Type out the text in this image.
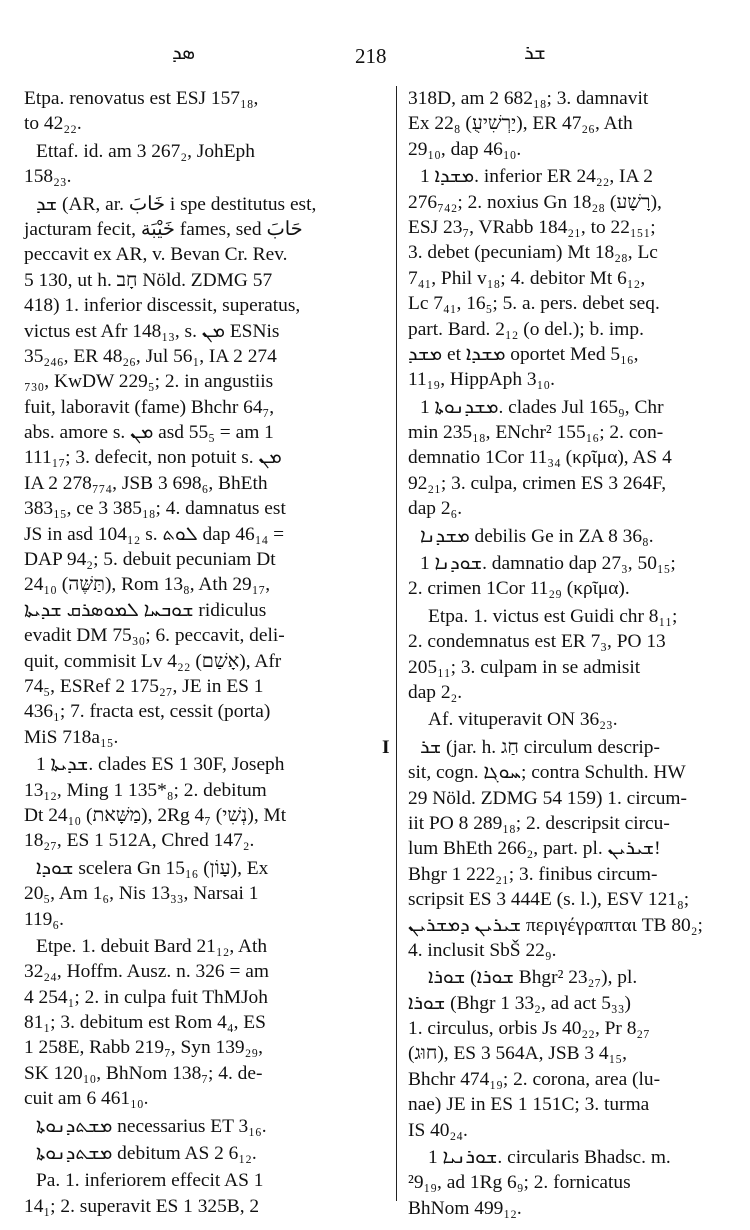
ܣܕ	218	ܫܪ
Etpa. renovatus est ESJ 157₁₈,
to 42₂₂.
Ettaf. id. am 3 267₂, JohEph
158₂₃.
ܫܕ (AR, ar. خَابَ i spe destitutus est,
jacturam fecit, خَيْبَة fames, sed حَابَ
peccavit ex AR, v. Bevan Cr. Rev.
5 130, ut h. חָב Nöld. ZDMG 57
418) 1. inferior discessit, superatus,
victus est Afr 148₁₃, s. ܡܢ ESNis
35₂₄₆, ER 48₂₆, Jul 56₁, IA 2 274
₇₃₀, KwDW 229₅; 2. in angustiis
fuit, laboravit (fame) Bhchr 64₇,
abs. amore s. ܡܢ asd 55₅ = am 1
111₁₇; 3. defecit, non potuit s. ܡܢ
IA 2 278₇₇₄, JSB 3 698₆, BhEth
383₁₅, ce 3 385₁₈; 4. damnatus est
JS in asd 104₁₂ s. ܠܘܬ dap 46₁₄ =
DAP 94₂; 5. debuit pecuniam Dt
24₁₀ (תַּשֶּׁה), Rom 13₈, Ath 29₁₇,
ܫܘܒܚܐ ܠܡܘܣܪܩ ܫܕܝܬܐ ridiculus
evadit DM 75₃₀; 6. peccavit, deli-
quit, commisit Lv 4₂₂ (אָשַׁם), Afr
74₅, ESRef 2 175₂₇, JE in ES 1
436₁; 7. fracta est, cessit (porta)
MiS 718a₁₅.
ܫܕܝܬܐ 1. clades ES 1 30F, Joseph
13₁₂, Ming 1 135*₈; 2. debitum
Dt 24₁₀ (מַשָּׁאת), 2Rg 4₇ (נְשִׁי), Mt
18₂₇, ES 1 512A, Chred 147₂.
ܫܘܕܐ scelera Gn 15₁₆ (עָוֹן), Ex
20₅, Am 1₆, Nis 13₃₃, Narsai 1
119₆.
Etpe. 1. debuit Bard 21₁₂, Ath
32₂₄, Hoffm. Ausz. n. 326 = am
4 254₁; 2. in culpa fuit ThMJoh
81₁; 3. debitum est Rom 4₄, ES
1 258E, Rabb 219₇, Syn 139₂₉,
SK 120₁₀, BhNom 138₇; 4. de-
cuit am 6 461₁₀.
ܡܫܬܕܢܘܬܐ necessarius ET 3₁₆.
ܡܫܬܕܢܘܬܐ debitum AS 2 6₁₂.
Pa. 1. inferiorem effecit AS 1
14₁; 2. superavit ES 1 325B, 2
318D, am 2 682₁₈; 3. damnavit
Ex 22₈ (יַרְשִׁיעֻ), ER 47₂₆, Ath
29₁₀, dap 46₁₀.
ܡܫܕܐ 1. inferior ER 24₂₂, IA 2
276₇₄₂; 2. noxius Gn 18₂₈ (רָשָׁע),
ESJ 23₇, VRabb 184₂₁, to 22₁₅₁;
3. debet (pecuniam) Mt 18₂₈, Lc
7₄₁, Phil v₁₈; 4. debitor Mt 6₁₂,
Lc 7₄₁, 16₅; 5. a. pers. debet seq.
part. Bard. 2₁₂ (o del.); b. imp.
ܡܫܕ et ܡܫܕܐ oportet Med 5₁₆,
11₁₉, HippAph 3₁₀.
ܡܫܕܢܘܬܐ 1. clades Jul 165₉, Chr
min 235₁₈, ENchr² 155₁₆; 2. con-
demnatio 1Cor 11₃₄ (κρῖμα), AS 4
92₂₁; 3. culpa, crimen ES 3 264F,
dap 2₆.
ܡܫܕܢܐ debilis Ge in ZA 8 36₈.
ܫܘܕܢܐ 1. damnatio dap 27₃, 50₁₅;
2. crimen 1Cor 11₂₉ (κρῖμα).
Etpa. 1. victus est Guidi chr 8₁₁;
2. condemnatus est ER 7₃, PO 13
205₁₁; 3. culpam in se admisit
dap 2₂.
Af. vituperavit ON 36₂₃.
I	ܫܪ (jar. h. חַג circulum descrip-
sit, cogn. ܚܘܓܐ; contra Schulth. HW
29 Nöld. ZDMG 54 159) 1. circum-
iit PO 8 289₁₈; 2. descripsit circu-
lum BhEth 266₂, part. pl. ܫܝܪܝܢ!
Bhgr 1 222₂₁; 3. finibus circum-
scripsit ES 3 444E (s. l.), ESV 121₈;
ܫܝܪܝܢ ܕܡܫܪܝܢ περιγέγραπται TB 80₂;
4. inclusit SbŠ 22₉.
ܫܘܪܐ (ܫܘܪܐ Bhgr² 23₂₇), pl.
ܫܘܪܐ (Bhgr 1 33₂, ad act 5₃₃)
1. circulus, orbis Js 40₂₂, Pr 8₂₇
(חוּג), ES 3 564A, JSB 3 4₁₅,
Bhchr 474₁₉; 2. corona, area (lu-
nae) JE in ES 1 151C; 3. turma
IS 40₂₄.
ܫܘܪܢܝܐ 1. circularis Bhadsc. m.
²9₁₉, ad 1Rg 6₉; 2. fornicatus
BhNom 499₁₂.
